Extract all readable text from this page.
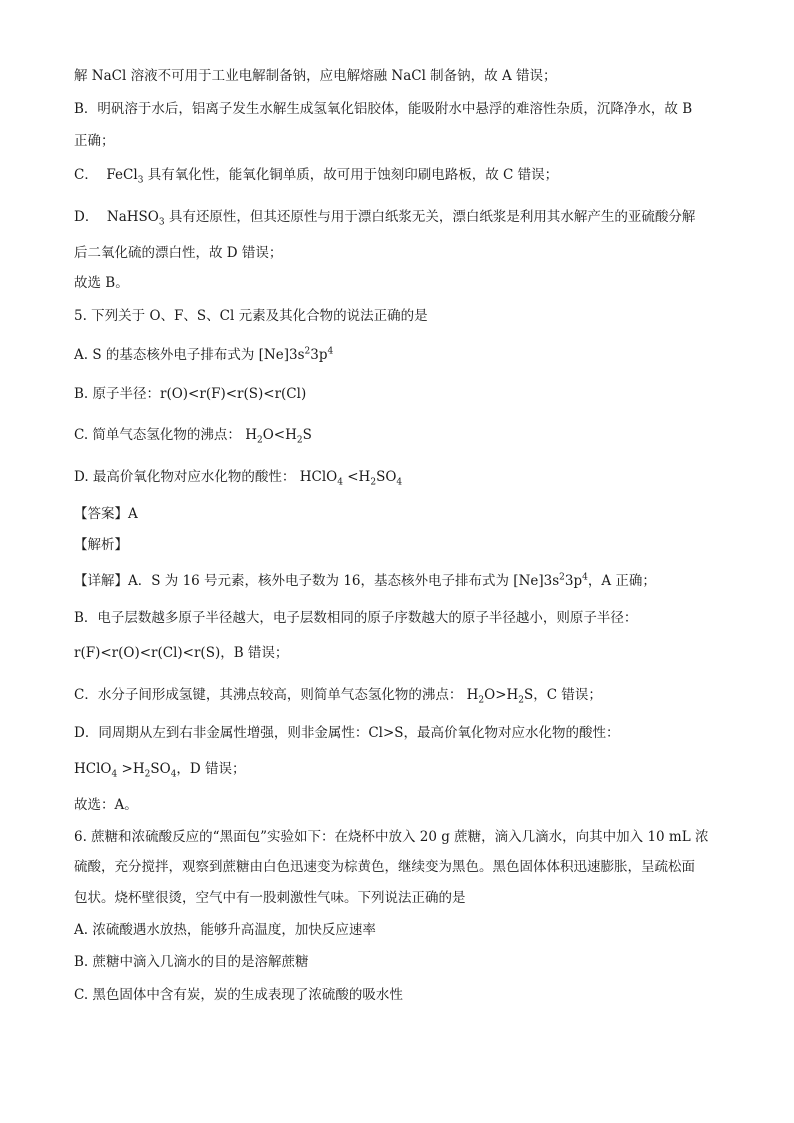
解 NaCl 溶液不可用于工业电解制备钠，应电解熔融 NaCl 制备钠，故 A 错误；
B．明矾溶于水后，铝离子发生水解生成氢氧化铝胶体，能吸附水中悬浮的难溶性杂质，沉降净水，故 B
正确；
C．  FeCl$_3$ 具有氧化性，能氧化铜单质，故可用于蚀刻印刷电路板，故 C 错误；
D．  NaHSO$_3$ 具有还原性，但其还原性与用于漂白纸浆无关，漂白纸浆是利用其水解产生的亚硫酸分解
后二氧化硫的漂白性，故 D 错误；
故选 B。
5. 下列关于 O、F、S、Cl 元素及其化合物的说法正确的是
A. S 的基态核外电子排布式为 $[Ne]3s^23p^4$
B. 原子半径：r(O)<r(F)<r(S)<r(Cl)
C. 简单气态氢化物的沸点： $H_2O<H_2S$
D. 最高价氧化物对应水化物的酸性： HClO$_4$ $<H_2SO_4$
【答案】A
【解析】
【详解】A．S 为 16 号元素，核外电子数为 16，基态核外电子排布式为 $[Ne]3s^23p^4$，A 正确；
B．电子层数越多原子半径越大，电子层数相同的原子序数越大的原子半径越小，则原子半径：
r(F)<r(O)<r(Cl)<r(S)，B 错误；
C．水分子间形成氢键，其沸点较高，则简单气态氢化物的沸点： $H_2O>H_2S$，C 错误；
D．同周期从左到右非金属性增强，则非金属性：Cl>S，最高价氧化物对应水化物的酸性：
HClO$_4$ $>H_2SO_4$，D 错误；
故选：A。
6. 蔗糖和浓硫酸反应的“黑面包”实验如下：在烧杯中放入 20 g 蔗糖，滴入几滴水，向其中加入 10 mL 浓
硫酸，充分搅拌，观察到蔗糖由白色迅速变为棕黄色，继续变为黑色。黑色固体体积迅速膨胀，呈疏松面
包状。烧杯壁很烫，空气中有一股刺激性气味。下列说法正确的是
A. 浓硫酸遇水放热，能够升高温度，加快反应速率
B. 蔗糖中滴入几滴水的目的是溶解蔗糖
C. 黑色固体中含有炭，炭的生成表现了浓硫酸的吸水性
